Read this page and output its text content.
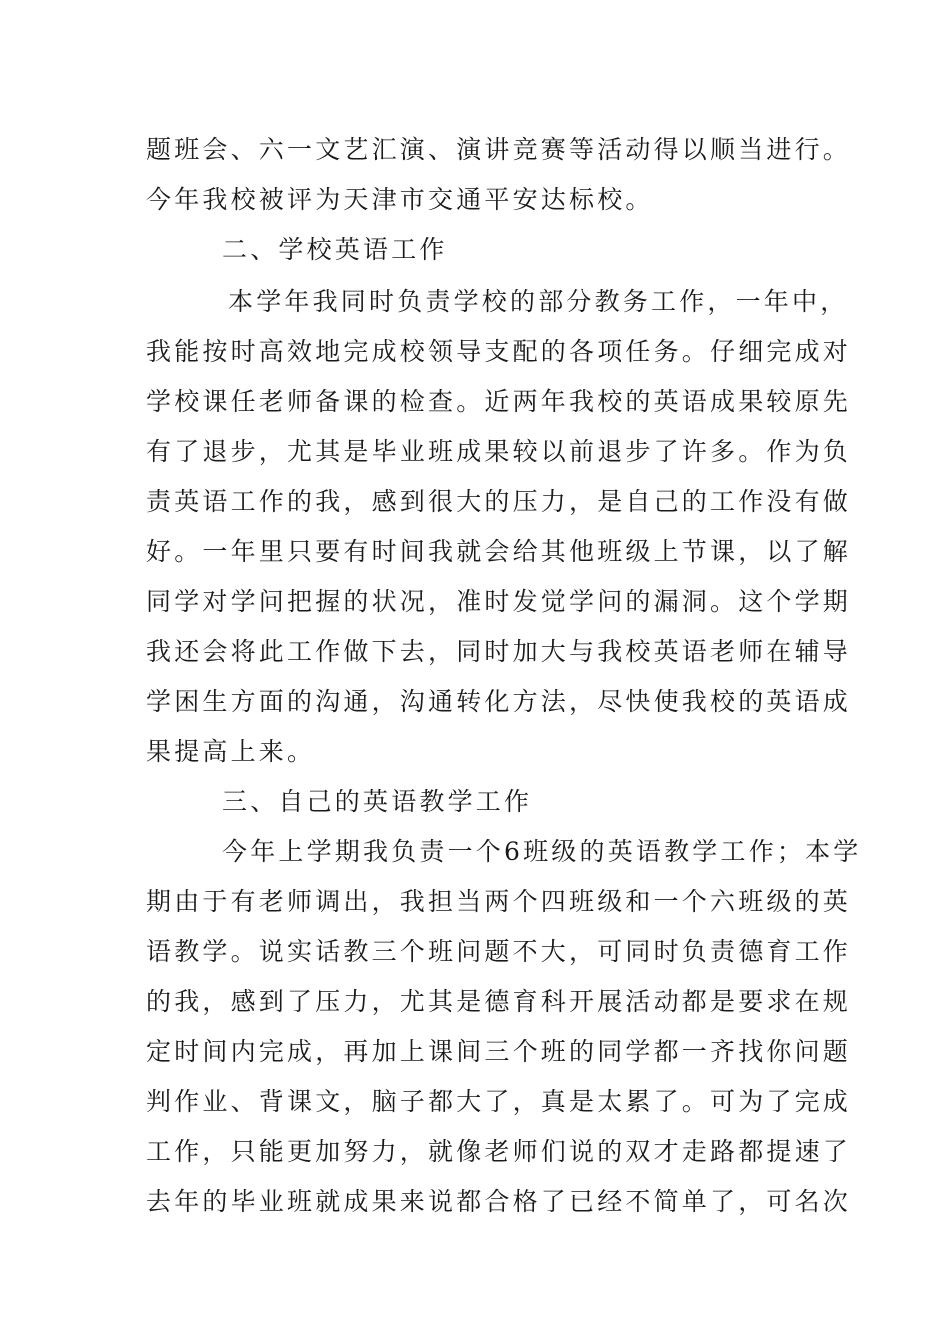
题班会、六一文艺汇演、演讲竞赛等活动得以顺当进行。
今年我校被评为天津市交通平安达标校。
二、学校英语工作
本学年我同时负责学校的部分教务工作，一年中，
我能按时高效地完成校领导支配的各项任务。仔细完成对
学校课任老师备课的检查。近两年我校的英语成果较原先
有了退步，尤其是毕业班成果较以前退步了许多。作为负
责英语工作的我，感到很大的压力，是自己的工作没有做
好。一年里只要有时间我就会给其他班级上节课，以了解
同学对学问把握的状况，准时发觉学问的漏洞。这个学期
我还会将此工作做下去，同时加大与我校英语老师在辅导
学困生方面的沟通，沟通转化方法，尽快使我校的英语成
果提高上来。
三、自己的英语教学工作
今年上学期我负责一个6班级的英语教学工作；本学
期由于有老师调出，我担当两个四班级和一个六班级的英
语教学。说实话教三个班问题不大，可同时负责德育工作
的我，感到了压力，尤其是德育科开展活动都是要求在规
定时间内完成，再加上课间三个班的同学都一齐找你问题
判作业、背课文，脑子都大了，真是太累了。可为了完成
工作，只能更加努力，就像老师们说的双才走路都提速了
去年的毕业班就成果来说都合格了已经不简单了，可名次
